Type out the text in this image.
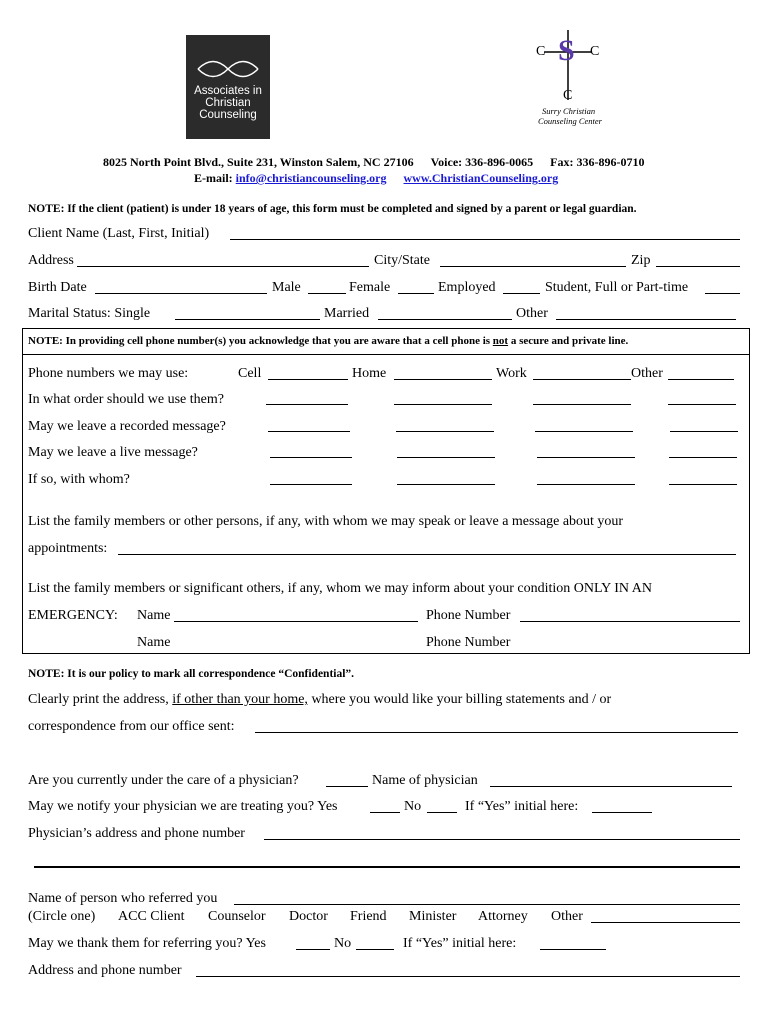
Associates in
Christian
Counseling
C	C
S
C
Surry Christian
Counseling Center
8025 North Point Blvd., Suite 231, Winston Salem, NC 27106 Voice: 336-896-0065 Fax: 336-896-0710
E-mail: info@christiancounseling.org www.ChristianCounseling.org
NOTE: If the client (patient) is under 18 years of age, this form must be completed and signed by a parent or legal guardian.
Client Name (Last, First, Initial)
Address	City/State	Zip
Birth Date	Male	Female	Employed	Student, Full or Part-time
Marital Status: Single	Married	Other
NOTE: In providing cell phone number(s) you acknowledge that you are aware that a cell phone is not a secure and private line.
Phone numbers we may use:	Cell	Home	Work	Other
In what order should we use them?
May we leave a recorded message?
May we leave a live message?
If so, with whom?
List the family members or other persons, if any, with whom we may speak or leave a message about your
appointments:
List the family members or significant others, if any, whom we may inform about your condition ONLY IN AN
EMERGENCY: Name	Phone Number
Name	Phone Number
NOTE: It is our policy to mark all correspondence “Confidential”.
Clearly print the address, if other than your home, where you would like your billing statements and / or
correspondence from our office sent:
Are you currently under the care of a physician?	Name of physician
May we notify your physician we are treating you? Yes	No	If “Yes” initial here:
Physician’s address and phone number
Name of person who referred you
(Circle one) ACC Client Counselor Doctor Friend Minister Attorney Other
May we thank them for referring you? Yes	No	If “Yes” initial here:
Address and phone number
